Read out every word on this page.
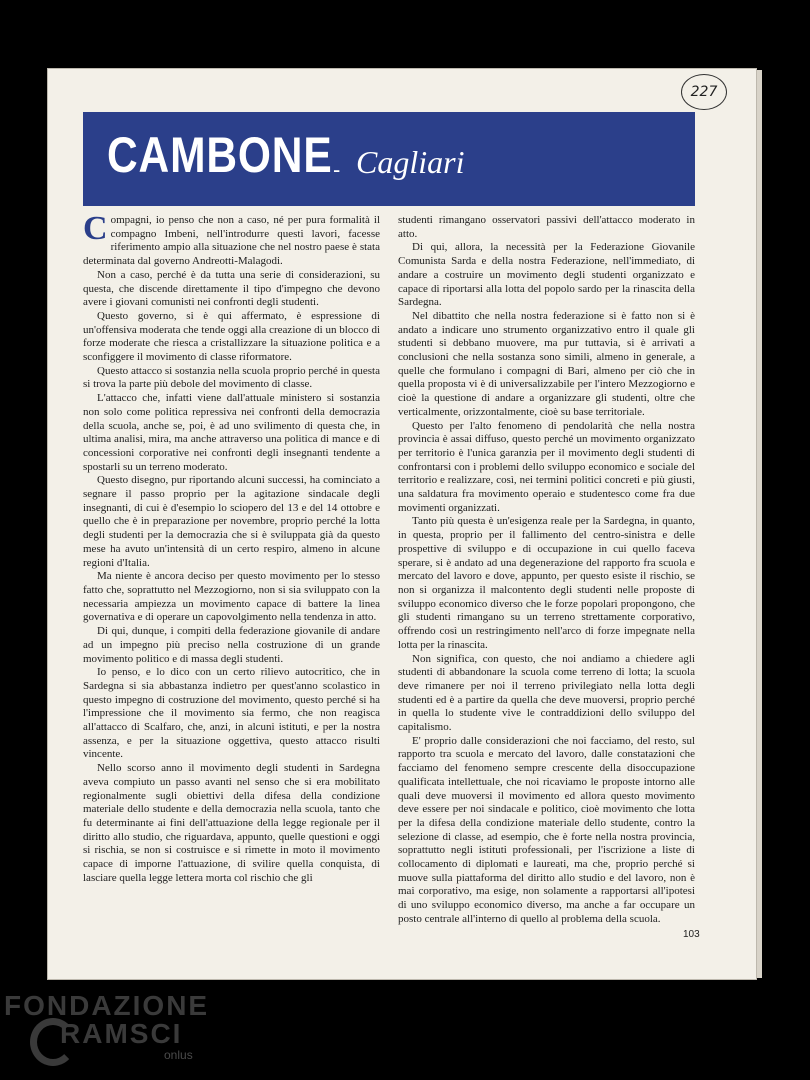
227
CAMBONE - Cagliari

Compagni, io penso che non a caso, né per pura formalità il compagno Imbeni, nell'introdurre questi lavori, facesse riferimento ampio alla situazione che nel nostro paese è stata determinata dal governo Andreotti-Malagodi.

Non a caso, perché è da tutta una serie di considerazioni, su questa, che discende direttamente il tipo d'impegno che devono avere i giovani comunisti nei confronti degli studenti.

Questo governo, si è qui affermato, è espressione di un'offensiva moderata che tende oggi alla creazione di un blocco di forze moderate che riesca a cristallizzare la situazione politica e a sconfiggere il movimento di classe riformatore.

Questo attacco si sostanzia nella scuola proprio perché in questa si trova la parte più debole del movimento di classe.

L'attacco che, infatti viene dall'attuale ministero si sostanzia non solo come politica repressiva nei confronti della democrazia della scuola, anche se, poi, è ad uno svilimento di questa che, in ultima analisi, mira, ma anche attraverso una politica di mance e di concessioni corporative nei confronti degli insegnanti tendente a spostarli su un terreno moderato.

Questo disegno, pur riportando alcuni successi, ha cominciato a segnare il passo proprio per la agitazione sindacale degli insegnanti, di cui è d'esempio lo sciopero del 13 e del 14 ottobre e quello che è in preparazione per novembre, proprio perché la lotta degli studenti per la democrazia che si è sviluppata già da questo mese ha avuto un'intensità di un certo respiro, almeno in alcune regioni d'Italia.

Ma niente è ancora deciso per questo movimento per lo stesso fatto che, soprattutto nel Mezzogiorno, non si sia sviluppato con la necessaria ampiezza un movimento capace di battere la linea governativa e di operare un capovolgimento nella tendenza in atto.

Di qui, dunque, i compiti della federazione giovanile di andare ad un impegno più preciso nella costruzione di un grande movimento politico e di massa degli studenti.

Io penso, e lo dico con un certo rilievo autocritico, che in Sardegna si sia abbastanza indietro per quest'anno scolastico in questo impegno di costruzione del movimento, questo perché si ha l'impressione che il movimento sia fermo, che non reagisca all'attacco di Scalfaro, che, anzi, in alcuni istituti, e per la nostra assenza, e per la situazione oggettiva, questo attacco risulti vincente.

Nello scorso anno il movimento degli studenti in Sardegna aveva compiuto un passo avanti nel senso che si era mobilitato regionalmente sugli obiettivi della difesa della condizione materiale dello studente e della democrazia nella scuola, tanto che fu determinante ai fini dell'attuazione della legge regionale per il diritto allo studio, che riguardava, appunto, quelle questioni e oggi si rischia, se non si costruisce e si rimette in moto il movimento capace di imporne l'attuazione, di svilire quella conquista, di lasciare quella legge lettera morta col rischio che gli

studenti rimangano osservatori passivi dell'attacco moderato in atto.

Di qui, allora, la necessità per la Federazione Giovanile Comunista Sarda e della nostra Federazione, nell'immediato, di andare a costruire un movimento degli studenti organizzato e capace di riportarsi alla lotta del popolo sardo per la rinascita della Sardegna.

Nel dibattito che nella nostra federazione si è fatto non si è andato a indicare uno strumento organizzativo entro il quale gli studenti si debbano muovere, ma pur tuttavia, si è arrivati a conclusioni che nella sostanza sono simili, almeno in generale, a quelle che formulano i compagni di Bari, almeno per ciò che in quella proposta vi è di universalizzabile per l'intero Mezzogiorno e cioè la questione di andare a organizzare gli studenti, oltre che verticalmente, orizzontalmente, cioè su base territoriale.

Questo per l'alto fenomeno di pendolarità che nella nostra provincia è assai diffuso, questo perché un movimento organizzato per territorio è l'unica garanzia per il movimento degli studenti di confrontarsi con i problemi dello sviluppo economico e sociale del territorio e realizzare, così, nei termini politici concreti e più giusti, una saldatura fra movimento operaio e studentesco come fra due movimenti organizzati.

Tanto più questa è un'esigenza reale per la Sardegna, in quanto, in questa, proprio per il fallimento del centro-sinistra e delle prospettive di sviluppo e di occupazione in cui quello faceva sperare, si è andato ad una degenerazione del rapporto fra scuola e mercato del lavoro e dove, appunto, per questo esiste il rischio, se non si organizza il malcontento degli studenti nelle proposte di sviluppo economico diverso che le forze popolari propongono, che gli studenti rimangano su un terreno strettamente corporativo, offrendo così un restringimento nell'arco di forze impegnate nella lotta per la rinascita.

Non significa, con questo, che noi andiamo a chiedere agli studenti di abbandonare la scuola come terreno di lotta; la scuola deve rimanere per noi il terreno privilegiato nella lotta degli studenti ed è a partire da quella che deve muoversi, proprio perché in quella lo studente vive le contraddizioni dello sviluppo del capitalismo.

E' proprio dalle considerazioni che noi facciamo, del resto, sul rapporto tra scuola e mercato del lavoro, dalle constatazioni che facciamo del fenomeno sempre crescente della disoccupazione qualificata intellettuale, che noi ricaviamo le proposte intorno alle quali deve muoversi il movimento ed allora questo movimento deve essere per noi sindacale e politico, cioè movimento che lotta per la difesa della condizione materiale dello studente, contro la selezione di classe, ad esempio, che è forte nella nostra provincia, soprattutto negli istituti professionali, per l'iscrizione a liste di collocamento di diplomati e laureati, ma che, proprio perché si muove sulla piattaforma del diritto allo studio e del lavoro, non è mai corporativo, ma esige, non solamente a rapportarsi all'ipotesi di uno sviluppo economico diverso, ma anche a far occupare un posto centrale all'interno di quello al problema della scuola.

103
FONDAZIONE
RAMSCI
onlus
